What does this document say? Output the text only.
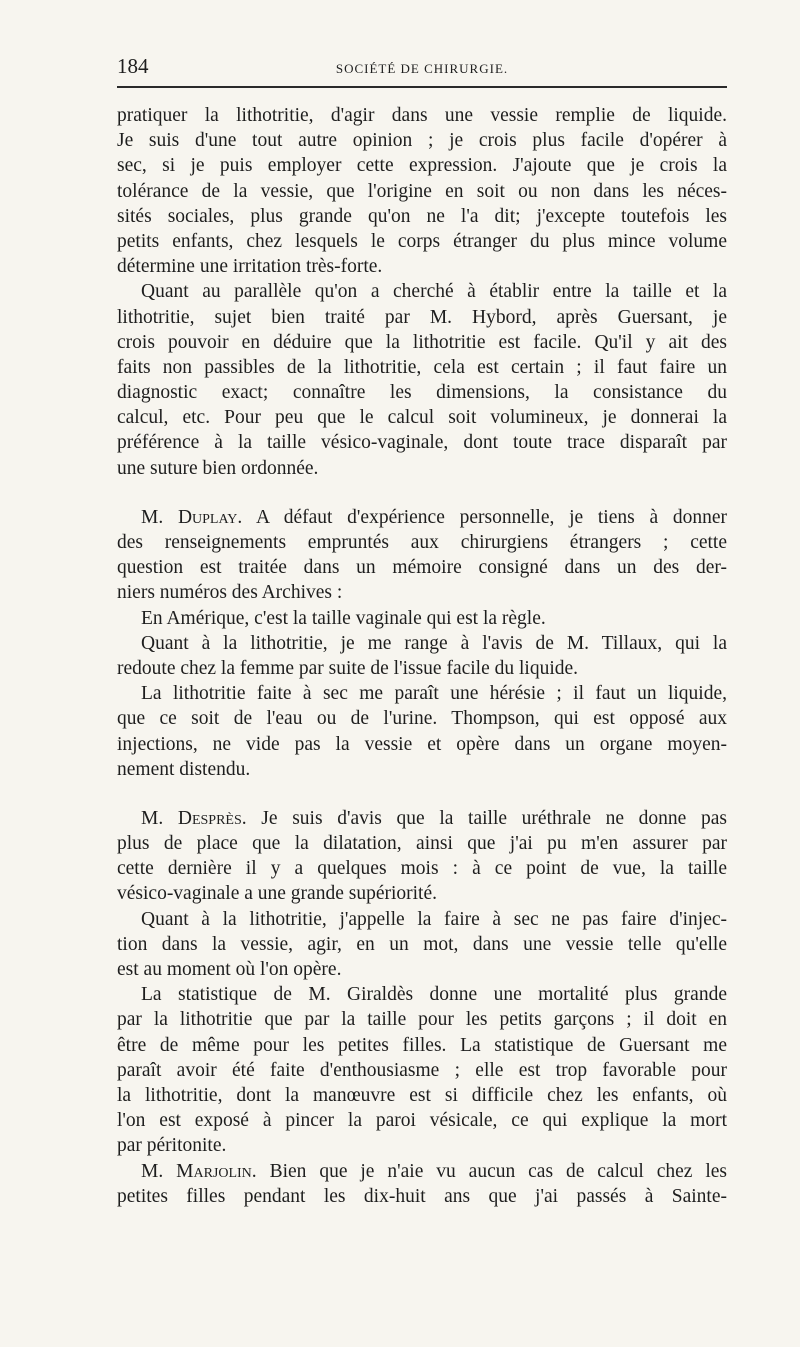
184	SOCIÉTÉ DE CHIRURGIE.
pratiquer la lithotritie, d'agir dans une vessie remplie de liquide.
Je suis d'une tout autre opinion ; je crois plus facile d'opérer à
sec, si je puis employer cette expression. J'ajoute que je crois la
tolérance de la vessie, que l'origine en soit ou non dans les néces-
sités sociales, plus grande qu'on ne l'a dit; j'excepte toutefois les
petits enfants, chez lesquels le corps étranger du plus mince volume
détermine une irritation très-forte.
Quant au parallèle qu'on a cherché à établir entre la taille et la
lithotritie, sujet bien traité par M. Hybord, après Guersant, je
crois pouvoir en déduire que la lithotritie est facile. Qu'il y ait des
faits non passibles de la lithotritie, cela est certain ; il faut faire un
diagnostic exact; connaître les dimensions, la consistance du
calcul, etc. Pour peu que le calcul soit volumineux, je donnerai la
préférence à la taille vésico-vaginale, dont toute trace disparaît par
une suture bien ordonnée.
M. Duplay. A défaut d'expérience personnelle, je tiens à donner
des renseignements empruntés aux chirurgiens étrangers ; cette
question est traitée dans un mémoire consigné dans un des der-
niers numéros des Archives :
En Amérique, c'est la taille vaginale qui est la règle.
Quant à la lithotritie, je me range à l'avis de M. Tillaux, qui la
redoute chez la femme par suite de l'issue facile du liquide.
La lithotritie faite à sec me paraît une hérésie ; il faut un liquide,
que ce soit de l'eau ou de l'urine. Thompson, qui est opposé aux
injections, ne vide pas la vessie et opère dans un organe moyen-
nement distendu.
M. Desprès. Je suis d'avis que la taille uréthrale ne donne pas
plus de place que la dilatation, ainsi que j'ai pu m'en assurer par
cette dernière il y a quelques mois : à ce point de vue, la taille
vésico-vaginale a une grande supériorité.
Quant à la lithotritie, j'appelle la faire à sec ne pas faire d'injec-
tion dans la vessie, agir, en un mot, dans une vessie telle qu'elle
est au moment où l'on opère.
La statistique de M. Giraldès donne une mortalité plus grande
par la lithotritie que par la taille pour les petits garçons ; il doit en
être de même pour les petites filles. La statistique de Guersant me
paraît avoir été faite d'enthousiasme ; elle est trop favorable pour
la lithotritie, dont la manœuvre est si difficile chez les enfants, où
l'on est exposé à pincer la paroi vésicale, ce qui explique la mort
par péritonite.
M. Marjolin. Bien que je n'aie vu aucun cas de calcul chez les
petites filles pendant les dix-huit ans que j'ai passés à Sainte-
